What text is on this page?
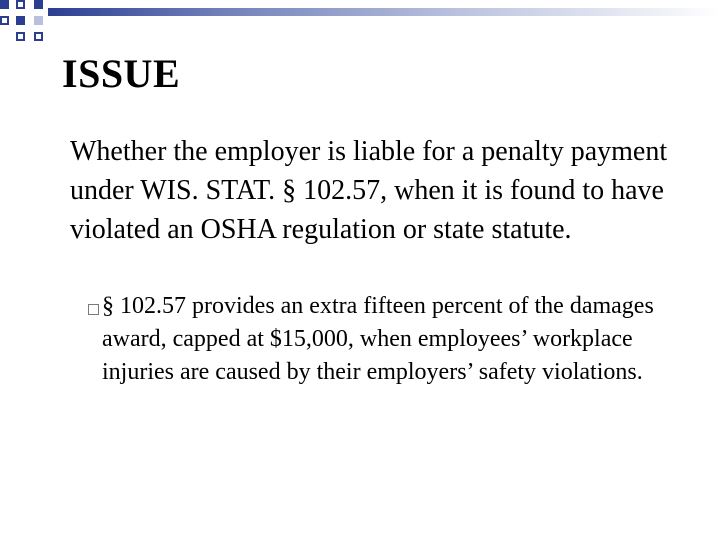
ISSUE
Whether the employer is liable for a penalty payment under WIS. STAT. § 102.57, when it is found to have violated an OSHA regulation or state statute.
§ 102.57 provides an extra fifteen percent of the damages award, capped at $15,000, when employees’ workplace injuries are caused by their employers’ safety violations.
